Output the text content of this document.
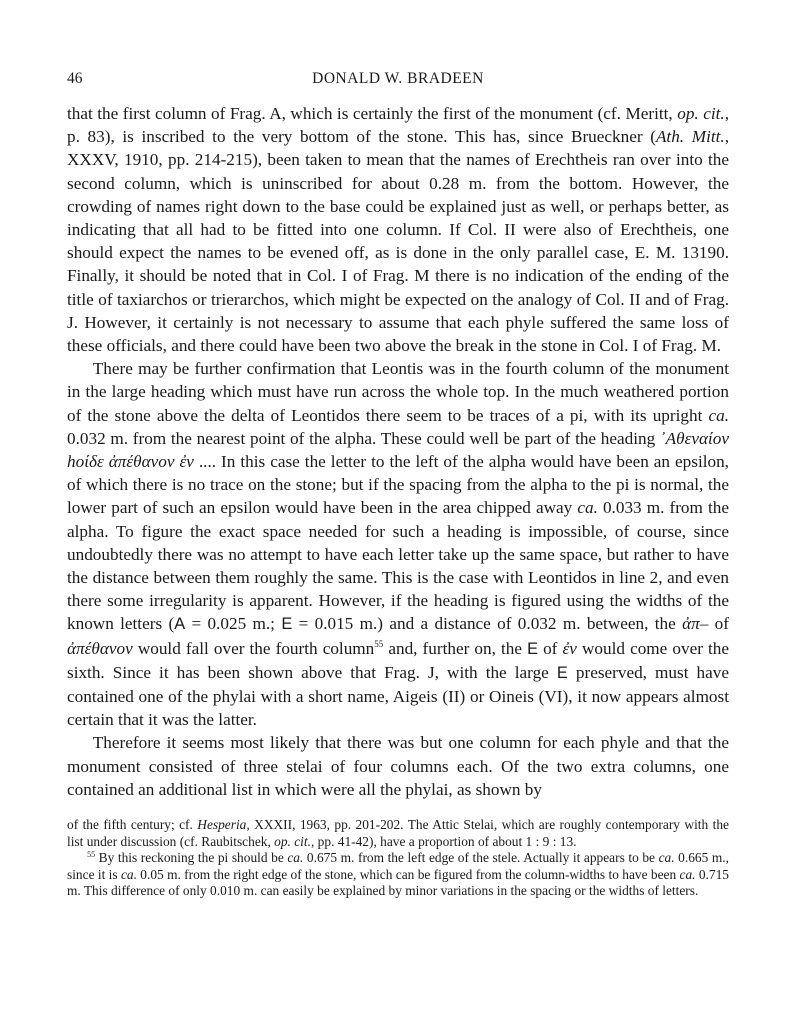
46	DONALD W. BRADEEN

that the first column of Frag. A, which is certainly the first of the monument (cf. Meritt, op. cit., p. 83), is inscribed to the very bottom of the stone. This has, since Brueckner (Ath. Mitt., XXXV, 1910, pp. 214-215), been taken to mean that the names of Erechtheis ran over into the second column, which is uninscribed for about 0.28 m. from the bottom. However, the crowding of names right down to the base could be explained just as well, or perhaps better, as indicating that all had to be fitted into one column. If Col. II were also of Erechtheis, one should expect the names to be evened off, as is done in the only parallel case, E. M. 13190. Finally, it should be noted that in Col. I of Frag. M there is no indication of the ending of the title of taxiarchos or trierarchos, which might be expected on the analogy of Col. II and of Frag. J. However, it certainly is not necessary to assume that each phyle suffered the same loss of these officials, and there could have been two above the break in the stone in Col. I of Frag. M.

There may be further confirmation that Leontis was in the fourth column of the monument in the large heading which must have run across the whole top. In the much weathered portion of the stone above the delta of Leontidos there seem to be traces of a pi, with its upright ca. 0.032 m. from the nearest point of the alpha. These could well be part of the heading ᾿Αθεναίον hοίδε ἀπέθανον ἐν .... In this case the letter to the left of the alpha would have been an epsilon, of which there is no trace on the stone; but if the spacing from the alpha to the pi is normal, the lower part of such an epsilon would have been in the area chipped away ca. 0.033 m. from the alpha. To figure the exact space needed for such a heading is impossible, of course, since undoubtedly there was no attempt to have each letter take up the same space, but rather to have the distance between them roughly the same. This is the case with Leontidos in line 2, and even there some irregularity is apparent. However, if the heading is figured using the widths of the known letters (A = 0.025 m.; E = 0.015 m.) and a distance of 0.032 m. between, the ἀπ– of ἀπέθανον would fall over the fourth column$^{55}$ and, further on, the E of ἐν would come over the sixth. Since it has been shown above that Frag. J, with the large E preserved, must have contained one of the phylai with a short name, Aigeis (II) or Oineis (VI), it now appears almost certain that it was the latter.

Therefore it seems most likely that there was but one column for each phyle and that the monument consisted of three stelai of four columns each. Of the two extra columns, one contained an additional list in which were all the phylai, as shown by

of the fifth century; cf. Hesperia, XXXII, 1963, pp. 201-202. The Attic Stelai, which are roughly contemporary with the list under discussion (cf. Raubitschek, op. cit., pp. 41-42), have a proportion of about 1 : 9 : 13.

$^{55}$ By this reckoning the pi should be ca. 0.675 m. from the left edge of the stele. Actually it appears to be ca. 0.665 m., since it is ca. 0.05 m. from the right edge of the stone, which can be figured from the column-widths to have been ca. 0.715 m. This difference of only 0.010 m. can easily be explained by minor variations in the spacing or the widths of letters.
